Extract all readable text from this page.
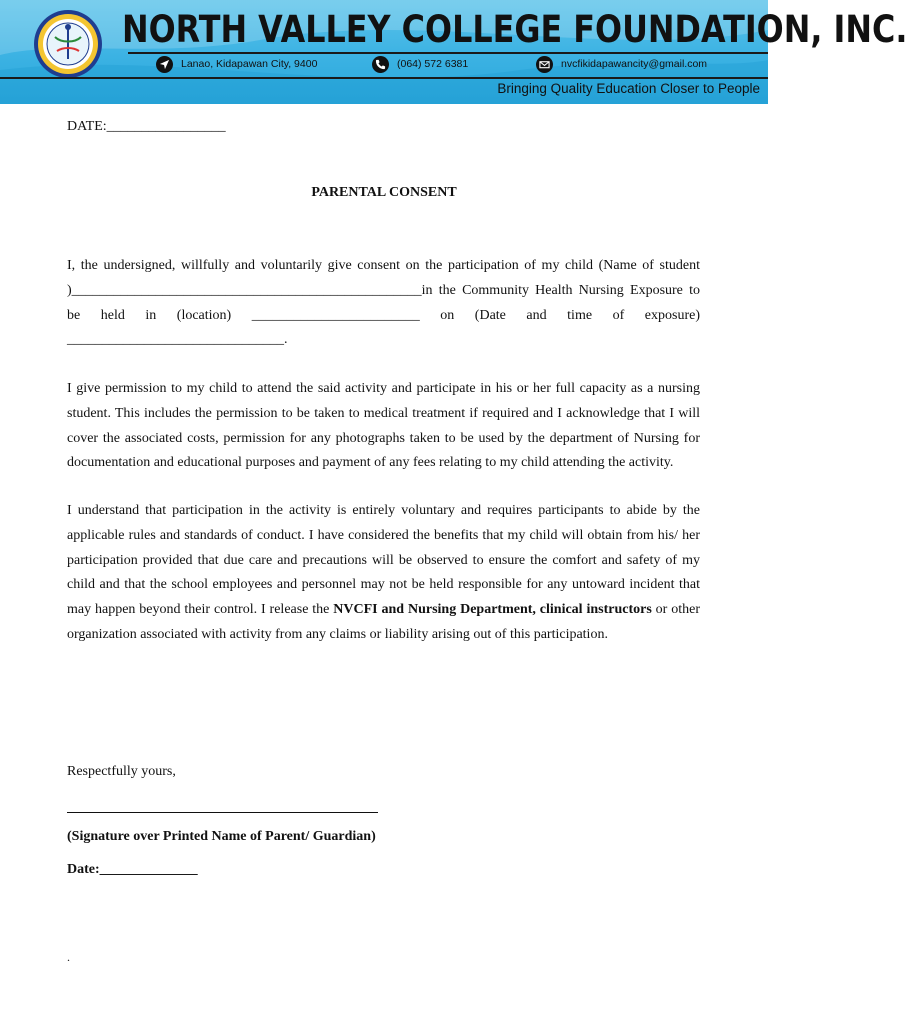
NORTH VALLEY COLLEGE FOUNDATION, INC.
Lanao, Kidapawan City, 9400	(064) 572 6381	nvcfikidapawancity@gmail.com
Bringing Quality Education Closer to People
DATE:_________________
PARENTAL CONSENT
I, the undersigned, willfully and voluntarily give consent on the participation of my child (Name of student )__________________________________________________in the Community Health Nursing Exposure to be held in (location) ________________________ on (Date and time of exposure) _______________________________.
I give permission to my child to attend the said activity and participate in his or her full capacity as a nursing student. This includes the permission to be taken to medical treatment if required and I acknowledge that I will cover the associated costs, permission for any photographs taken to be used by the department of Nursing for documentation and educational purposes and payment of any fees relating to my child attending the activity.
I understand that participation in the activity is entirely voluntary and requires participants to abide by the applicable rules and standards of conduct. I have considered the benefits that my child will obtain from his/ her participation provided that due care and precautions will be observed to ensure the comfort and safety of my child and that the school employees and personnel may not be held responsible for any untoward incident that may happen beyond their control. I release the NVCFI and Nursing Department, clinical instructors or other organization associated with activity from any claims or liability arising out of this participation.
Respectfully yours,
(Signature over Printed Name of Parent/ Guardian)
Date:______________
.
